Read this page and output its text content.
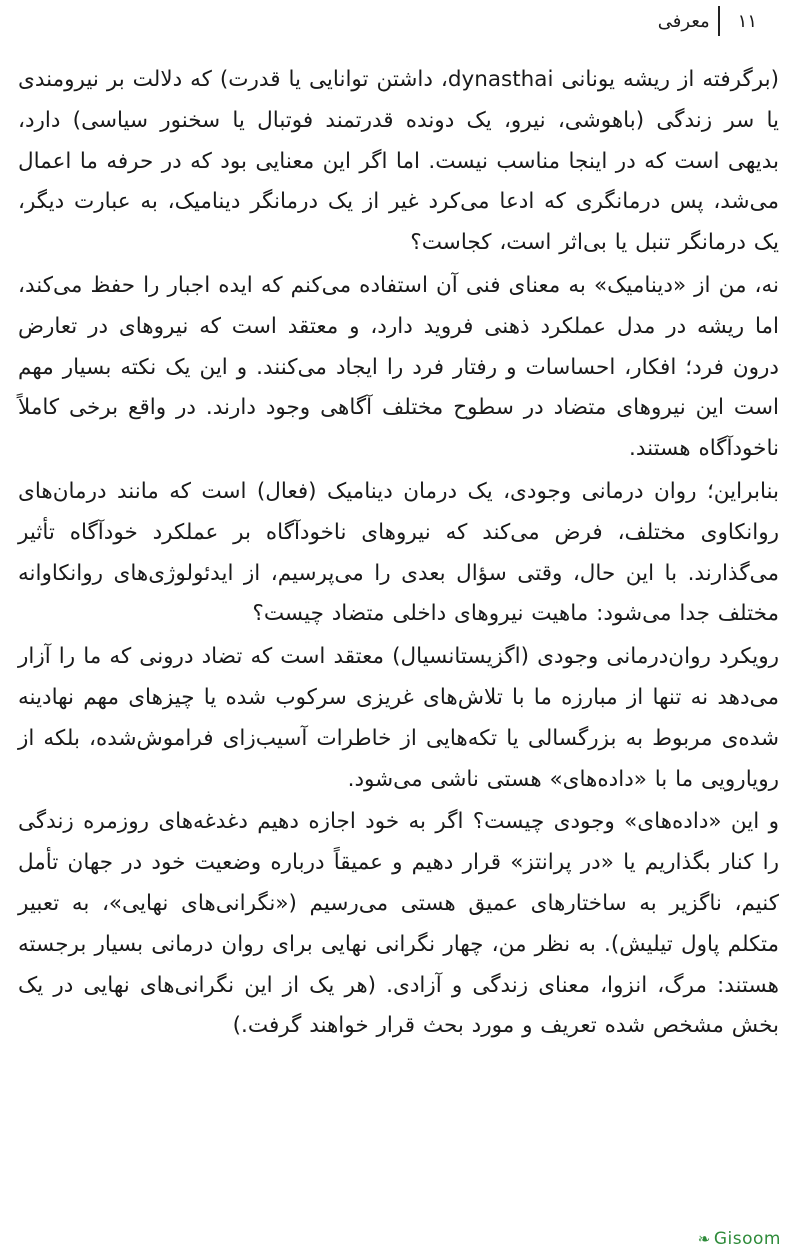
۱۱
معرفی

(برگرفته از ریشه یونانی dynasthai، داشتن توانایی یا قدرت) که دلالت بر نیرومندی یا سر زندگی (باهوشی، نیرو، یک دونده قدرتمند فوتبال یا سخنور سیاسی) دارد، بدیهی است که در اینجا مناسب نیست. اما اگر این معنایی بود که در حرفه ما اعمال می‌شد، پس درمانگری که ادعا می‌کرد غیر از یک درمانگر دینامیک، به عبارت دیگر، یک درمانگر تنبل یا بی‌اثر است، کجاست؟

نه، من از «دینامیک» به معنای فنی آن استفاده می‌کنم که ایده اجبار را حفظ می‌کند، اما ریشه در مدل عملکرد ذهنی فروید دارد، و معتقد است که نیروهای در تعارض درون فرد؛ افکار، احساسات و رفتار فرد را ایجاد می‌کنند. و این یک نکته بسیار مهم است این نیروهای متضاد در سطوح مختلف آگاهی وجود دارند. در واقع برخی کاملاً ناخودآگاه هستند.

بنابراین؛ روان درمانی وجودی، یک درمان دینامیک (فعال) است که مانند درمان‌های روانکاوی مختلف، فرض می‌کند که نیروهای ناخودآگاه بر عملکرد خودآگاه تأثیر می‌گذارند. با این حال، وقتی سؤال بعدی را می‌پرسیم، از ایدئولوژی‌های روانکاوانه مختلف جدا می‌شود: ماهیت نیروهای داخلی متضاد چیست؟

رویکرد روان‌درمانی وجودی (اگزیستانسیال) معتقد است که تضاد درونی که ما را آزار می‌دهد نه تنها از مبارزه ما با تلاش‌های غریزی سرکوب شده یا چیزهای مهم نهادینه شده‌ی مربوط به بزرگسالی یا تکه‌هایی از خاطرات آسیب‌زای فراموش‌شده، بلکه از رویارویی ما با «داده‌های» هستی ناشی می‌شود.

و این «داده‌های» وجودی چیست؟ اگر به خود اجازه دهیم دغدغه‌های روزمره زندگی را کنار بگذاریم یا «در پرانتز» قرار دهیم و عمیقاً درباره وضعیت خود در جهان تأمل کنیم، ناگزیر به ساختارهای عمیق هستی می‌رسیم («نگرانی‌های نهایی»، به تعبیر متکلم پاول تیلیش). به نظر من، چهار نگرانی نهایی برای روان درمانی بسیار برجسته هستند: مرگ، انزوا، معنای زندگی و آزادی. (هر یک از این نگرانی‌های نهایی در یک بخش مشخص شده تعریف و مورد بحث قرار خواهند گرفت.)

❧ Gisoom
